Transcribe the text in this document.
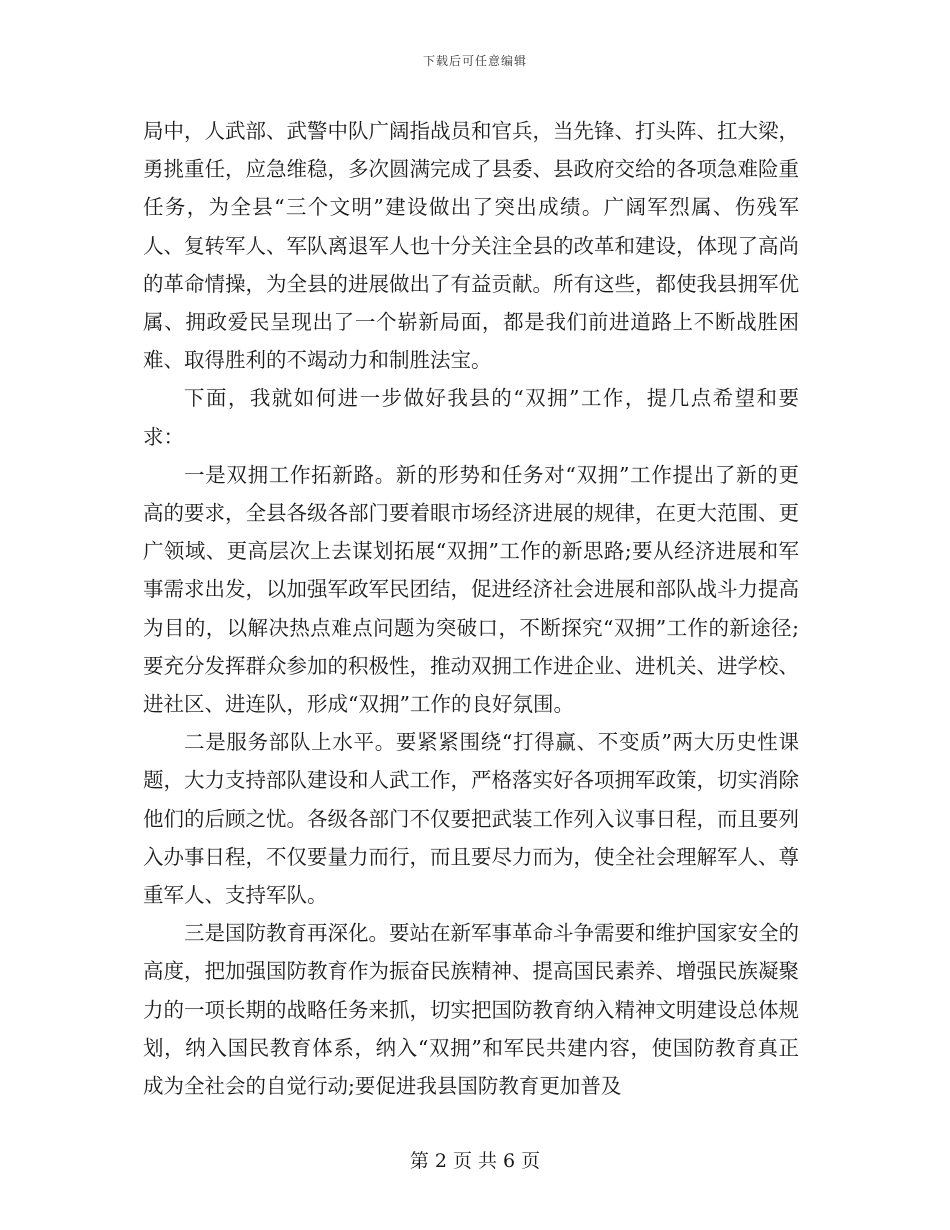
下载后可任意编辑

局中，人武部、武警中队广阔指战员和官兵，当先锋、打头阵、扛大梁，勇挑重任，应急维稳，多次圆满完成了县委、县政府交给的各项急难险重任务，为全县“三个文明”建设做出了突出成绩。广阔军烈属、伤残军人、复转军人、军队离退军人也十分关注全县的改革和建设，体现了高尚的革命情操，为全县的进展做出了有益贡献。所有这些，都使我县拥军优属、拥政爱民呈现出了一个崭新局面，都是我们前进道路上不断战胜困难、取得胜利的不竭动力和制胜法宝。

下面，我就如何进一步做好我县的“双拥”工作，提几点希望和要求：

一是双拥工作拓新路。新的形势和任务对“双拥”工作提出了新的更高的要求，全县各级各部门要着眼市场经济进展的规律，在更大范围、更广领域、更高层次上去谋划拓展“双拥”工作的新思路;要从经济进展和军事需求出发，以加强军政军民团结，促进经济社会进展和部队战斗力提高为目的，以解决热点难点问题为突破口，不断探究“双拥”工作的新途径;要充分发挥群众参加的积极性，推动双拥工作进企业、进机关、进学校、进社区、进连队，形成“双拥”工作的良好氛围。

二是服务部队上水平。要紧紧围绕“打得赢、不变质”两大历史性课题，大力支持部队建设和人武工作，严格落实好各项拥军政策，切实消除他们的后顾之忧。各级各部门不仅要把武装工作列入议事日程，而且要列入办事日程，不仅要量力而行，而且要尽力而为，使全社会理解军人、尊重军人、支持军队。

三是国防教育再深化。要站在新军事革命斗争需要和维护国家安全的高度，把加强国防教育作为振奋民族精神、提高国民素养、增强民族凝聚力的一项长期的战略任务来抓，切实把国防教育纳入精神文明建设总体规划，纳入国民教育体系，纳入“双拥”和军民共建内容，使国防教育真正成为全社会的自觉行动;要促进我县国防教育更加普及

第 2 页 共 6 页
